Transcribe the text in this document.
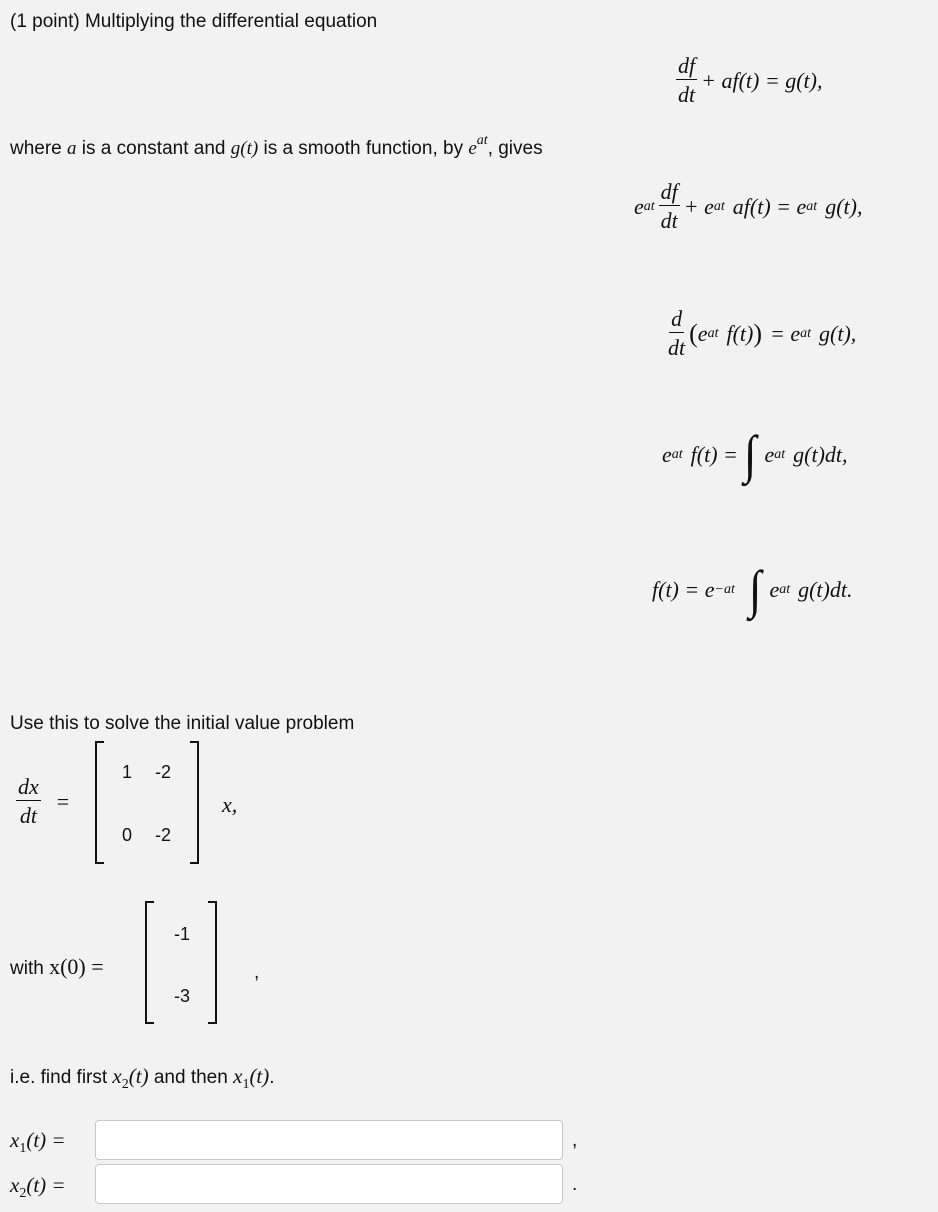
(1 point) Multiplying the differential equation
$\frac{df}{dt} + af(t) = g(t)$,
where a is a constant and g(t) is a smooth function, by $e^{at}$, gives
e at $\frac{df}{dt} + e$ at af(t) = e at g(t),
$\frac{d}{dt}$ ( e at f(t) ) = e at g(t),
e at f(t) = ∫ e at g(t)dt,
f(t) = e −at ∫ e at g(t)dt.
Use this to solve the initial value problem
$\frac{dx}{dt}$ =
1	-2
0	-2
x,
with x(0) =
-1
-3
,
i.e. find first $x_2(t)$ and then $x_1(t)$.
$x_1(t)$ =	,
$x_2(t)$ =	.
